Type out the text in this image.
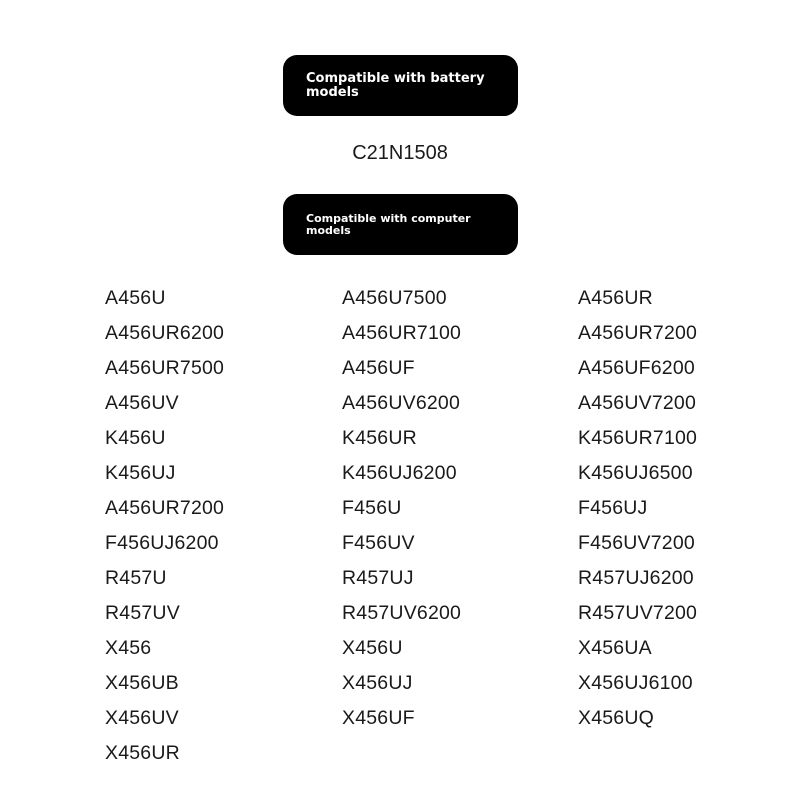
Compatible with battery models
C21N1508
Compatible with computer models
A456U	A456U7500	A456UR
A456UR6200	A456UR7100	A456UR7200
A456UR7500	A456UF	A456UF6200
A456UV	A456UV6200	A456UV7200
K456U	K456UR	K456UR7100
K456UJ	K456UJ6200	K456UJ6500
A456UR7200	F456U	F456UJ
F456UJ6200	F456UV	F456UV7200
R457U	R457UJ	R457UJ6200
R457UV	R457UV6200	R457UV7200
X456	X456U	X456UA
X456UB	X456UJ	X456UJ6100
X456UV	X456UF	X456UQ
X456UR
